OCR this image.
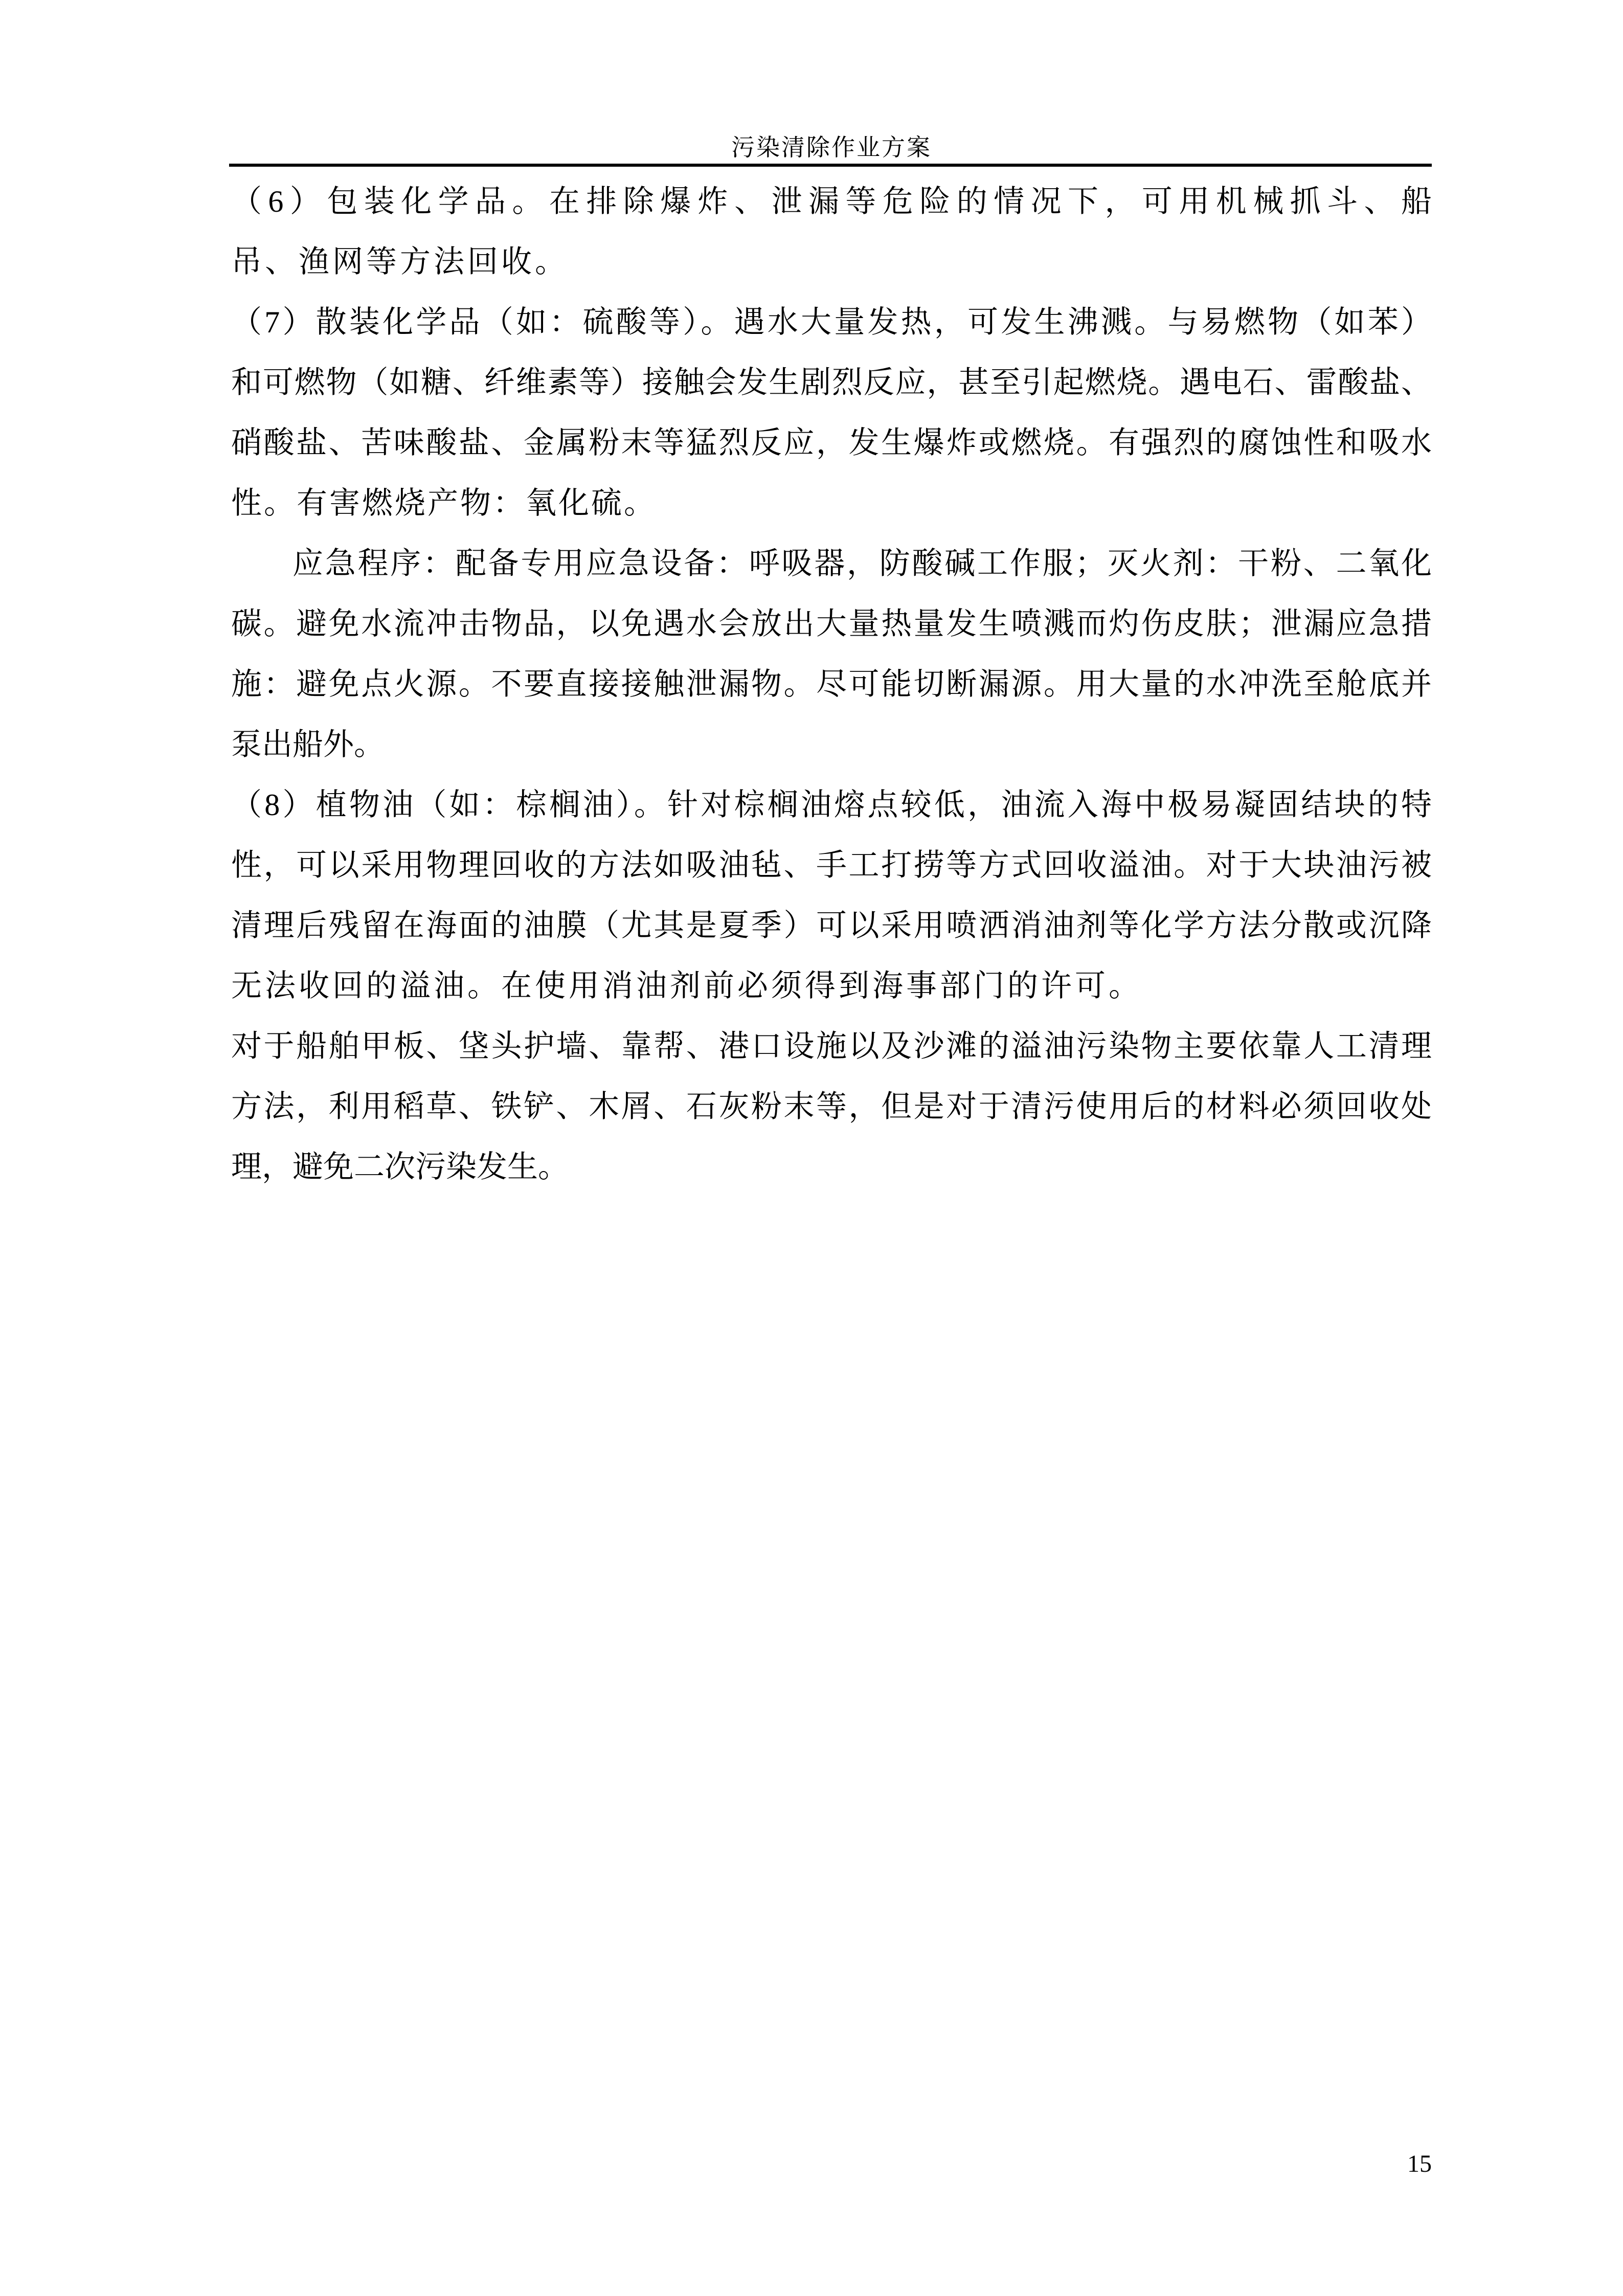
污染清除作业方案
（6）包装化学品。在排除爆炸、泄漏等危险的情况下，可用机械抓斗、船
吊、渔网等方法回收。
（7）散装化学品（如：硫酸等）。遇水大量发热，可发生沸溅。与易燃物（如苯）
和可燃物（如糖、纤维素等）接触会发生剧烈反应，甚至引起燃烧。遇电石、雷酸盐、
硝酸盐、苦味酸盐、金属粉末等猛烈反应，发生爆炸或燃烧。有强烈的腐蚀性和吸水
性。有害燃烧产物：氧化硫。
应急程序：配备专用应急设备：呼吸器，防酸碱工作服；灭火剂：干粉、二氧化
碳。避免水流冲击物品，以免遇水会放出大量热量发生喷溅而灼伤皮肤；泄漏应急措
施：避免点火源。不要直接接触泄漏物。尽可能切断漏源。用大量的水冲洗至舱底并
泵出船外。
（8）植物油（如：棕榈油）。针对棕榈油熔点较低，油流入海中极易凝固结块的特
性，可以采用物理回收的方法如吸油毡、手工打捞等方式回收溢油。对于大块油污被
清理后残留在海面的油膜（尤其是夏季）可以采用喷洒消油剂等化学方法分散或沉降
无法收回的溢油。在使用消油剂前必须得到海事部门的许可。
对于船舶甲板、垡头护墙、靠帮、港口设施以及沙滩的溢油污染物主要依靠人工清理
方法，利用稻草、铁铲、木屑、石灰粉末等，但是对于清污使用后的材料必须回收处
理，避免二次污染发生。
15
